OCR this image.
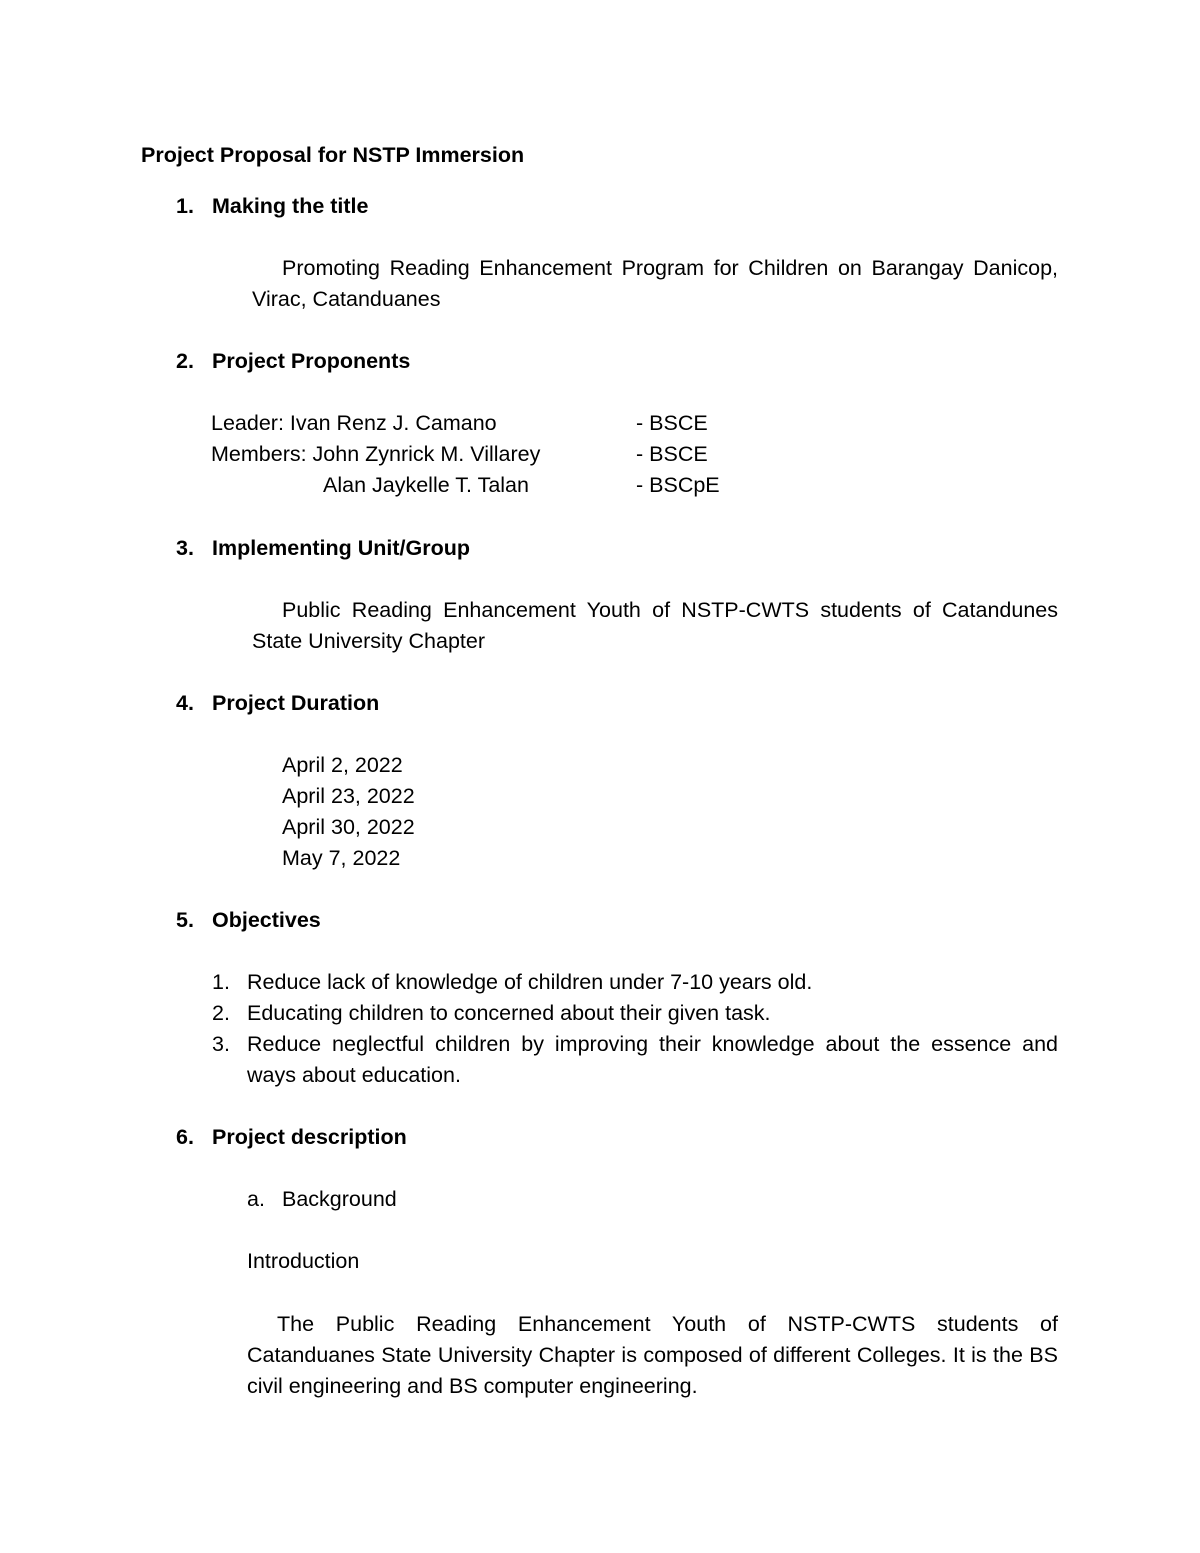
Project Proposal for NSTP Immersion
1. Making the title
Promoting Reading Enhancement Program for Children on Barangay Danicop, Virac, Catanduanes
2. Project Proponents
Leader: Ivan Renz J. Camano	- BSCE
Members: John Zynrick M. Villarey	- BSCE
Alan Jaykelle T. Talan	- BSCpE
3. Implementing Unit/Group
Public Reading Enhancement Youth of NSTP-CWTS students of Catandunes State University Chapter
4. Project Duration
April 2, 2022
April 23, 2022
April 30, 2022
May 7, 2022
5. Objectives
1. Reduce lack of knowledge of children under 7-10 years old.
2. Educating children to concerned about their given task.
3. Reduce neglectful children by improving their knowledge about the essence and ways about education.
6. Project description
a. Background
Introduction
The Public Reading Enhancement Youth of NSTP-CWTS students of Catanduanes State University Chapter is composed of different Colleges. It is the BS civil engineering and BS computer engineering.
